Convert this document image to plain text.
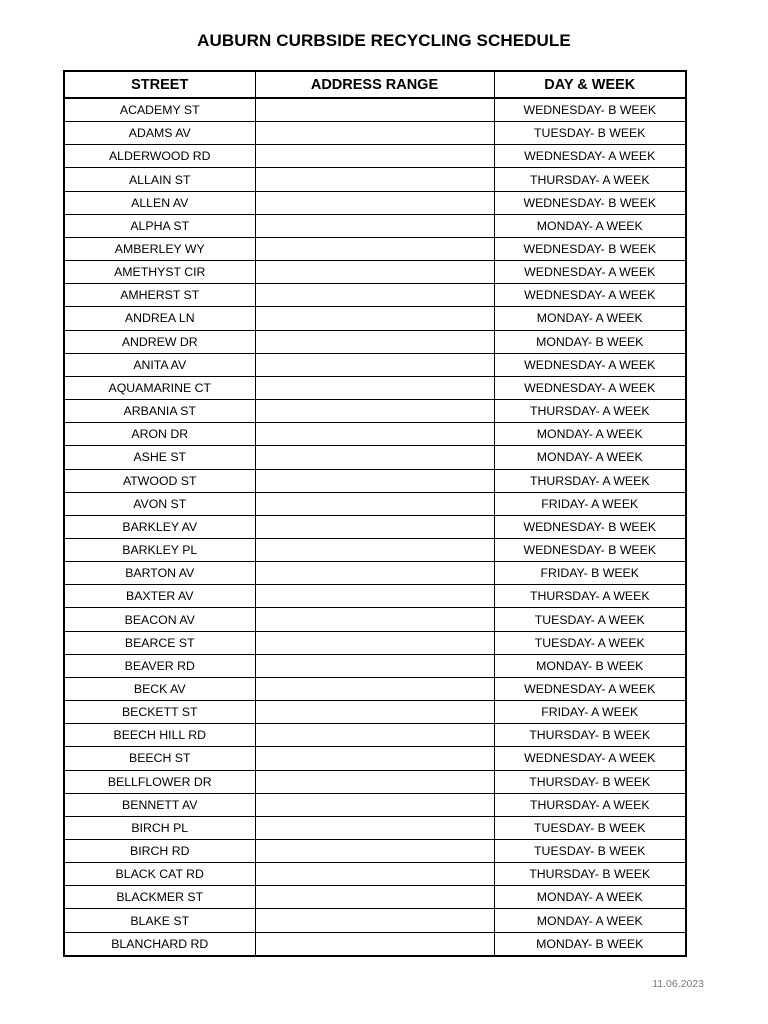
AUBURN CURBSIDE RECYCLING SCHEDULE
STREET	ADDRESS RANGE	DAY & WEEK
ACADEMY ST		WEDNESDAY- B WEEK
ADAMS AV		TUESDAY- B WEEK
ALDERWOOD RD		WEDNESDAY- A WEEK
ALLAIN ST		THURSDAY- A WEEK
ALLEN AV		WEDNESDAY- B WEEK
ALPHA ST		MONDAY- A WEEK
AMBERLEY WY		WEDNESDAY- B WEEK
AMETHYST CIR		WEDNESDAY- A WEEK
AMHERST ST		WEDNESDAY- A WEEK
ANDREA LN		MONDAY- A WEEK
ANDREW DR		MONDAY- B WEEK
ANITA AV		WEDNESDAY- A WEEK
AQUAMARINE CT		WEDNESDAY- A WEEK
ARBANIA ST		THURSDAY- A WEEK
ARON DR		MONDAY- A WEEK
ASHE ST		MONDAY- A WEEK
ATWOOD ST		THURSDAY- A WEEK
AVON ST		FRIDAY- A WEEK
BARKLEY AV		WEDNESDAY- B WEEK
BARKLEY PL		WEDNESDAY- B WEEK
BARTON AV		FRIDAY- B WEEK
BAXTER AV		THURSDAY- A WEEK
BEACON AV		TUESDAY- A WEEK
BEARCE ST		TUESDAY- A WEEK
BEAVER RD		MONDAY- B WEEK
BECK AV		WEDNESDAY- A WEEK
BECKETT ST		FRIDAY- A WEEK
BEECH HILL RD		THURSDAY- B WEEK
BEECH ST		WEDNESDAY- A WEEK
BELLFLOWER DR		THURSDAY- B WEEK
BENNETT AV		THURSDAY- A WEEK
BIRCH PL		TUESDAY- B WEEK
BIRCH RD		TUESDAY- B WEEK
BLACK CAT RD		THURSDAY- B WEEK
BLACKMER ST		MONDAY- A WEEK
BLAKE ST		MONDAY- A WEEK
BLANCHARD RD		MONDAY- B WEEK
11.06.2023
